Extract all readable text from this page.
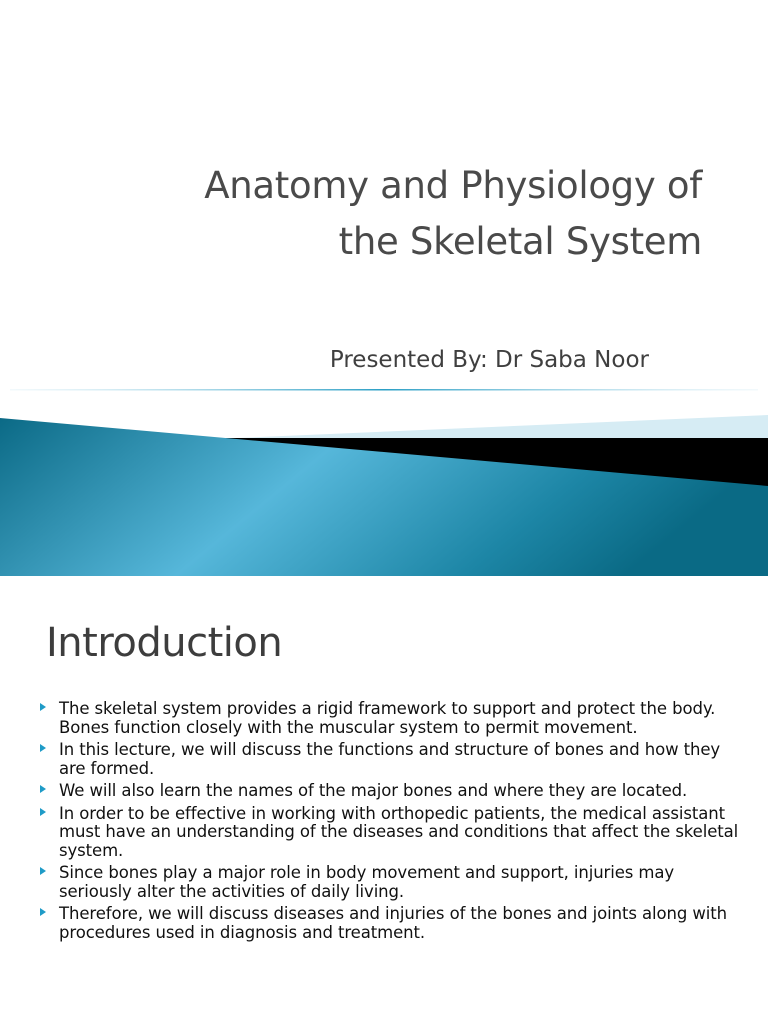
Anatomy and Physiology of
the Skeletal System
Presented By: Dr Saba Noor
Introduction
The skeletal system provides a rigid framework to support and protect the body. Bones function closely with the muscular system to permit movement.
In this lecture, we will discuss the functions and structure of bones and how they are formed.
We will also learn the names of the major bones and where they are located.
In order to be effective in working with orthopedic patients, the medical assistant must have an understanding of the diseases and conditions that affect the skeletal system.
Since bones play a major role in body movement and support, injuries may seriously alter the activities of daily living.
Therefore, we will discuss diseases and injuries of the bones and joints along with procedures used in diagnosis and treatment.
